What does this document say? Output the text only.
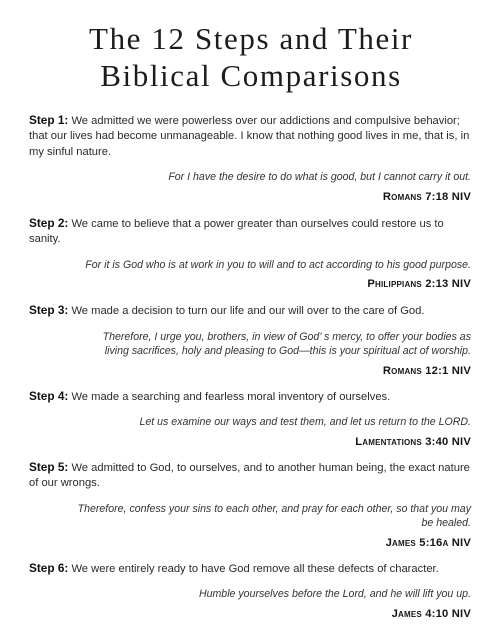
The 12 Steps and Their
Biblical Comparisons

Step 1: We admitted we were powerless over our addictions and compulsive behavior; that our lives had become unmanageable. I know that nothing good lives in me, that is, in my sinful nature.

For I have the desire to do what is good, but I cannot carry it out.

Romans 7:18 NIV

Step 2: We came to believe that a power greater than ourselves could restore us to sanity.

For it is God who is at work in you to will and to act according to his good purpose.

Philippians 2:13 NIV

Step 3: We made a decision to turn our life and our will over to the care of God.

Therefore, I urge you, brothers, in view of God’ s mercy, to offer your bodies as living sacrifices, holy and pleasing to God—this is your spiritual act of worship.

Romans 12:1 NIV

Step 4: We made a searching and fearless moral inventory of ourselves.

Let us examine our ways and test them, and let us return to the LORD.

Lamentations 3:40 NIV

Step 5: We admitted to God, to ourselves, and to another human being, the exact nature of our wrongs.

Therefore, confess your sins to each other, and pray for each other, so that you may be healed.

James 5:16a NIV

Step 6: We were entirely ready to have God remove all these defects of character.

Humble yourselves before the Lord, and he will lift you up.

James 4:10 NIV
